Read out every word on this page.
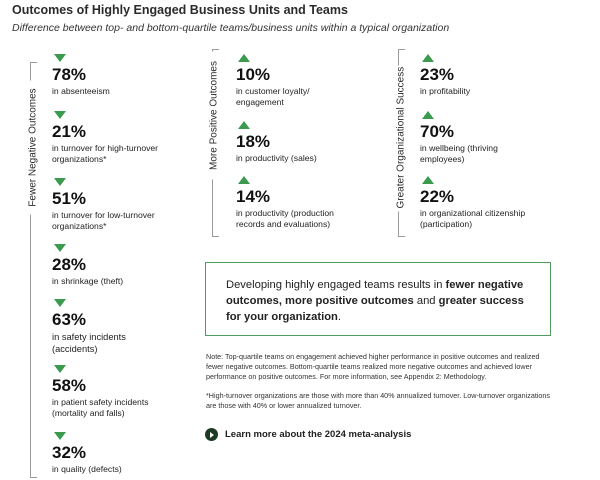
Outcomes of Highly Engaged Business Units and Teams
Difference between top- and bottom-quartile teams/business units within a typical organization
Fewer Negative Outcomes
78%
in absenteeism
21%
in turnover for high-turnover organizations*
51%
in turnover for low-turnover organizations*
28%
in shrinkage (theft)
63%
in safety incidents (accidents)
58%
in patient safety incidents (mortality and falls)
32%
in quality (defects)
More Positive Outcomes 10%
in customer loyalty/ engagement
18%
in productivity (sales)
14%
in productivity (production records and evaluations)
Greater Organizational Success 23%
in profitability
70%
in wellbeing (thriving employees)
22%
in organizational citizenship (participation)
Developing highly engaged teams results in fewer negative outcomes, more positive outcomes and greater success for your organization.
Note: Top-quartile teams on engagement achieved higher performance in positive outcomes and realized fewer negative outcomes. Bottom-quartile teams realized more negative outcomes and achieved lower performance on positive outcomes. For more information, see Appendix 2: Methodology.
*High-turnover organizations are those with more than 40% annualized turnover. Low-turnover organizations are those with 40% or lower annualized turnover.
Learn more about the 2024 meta-analysis
